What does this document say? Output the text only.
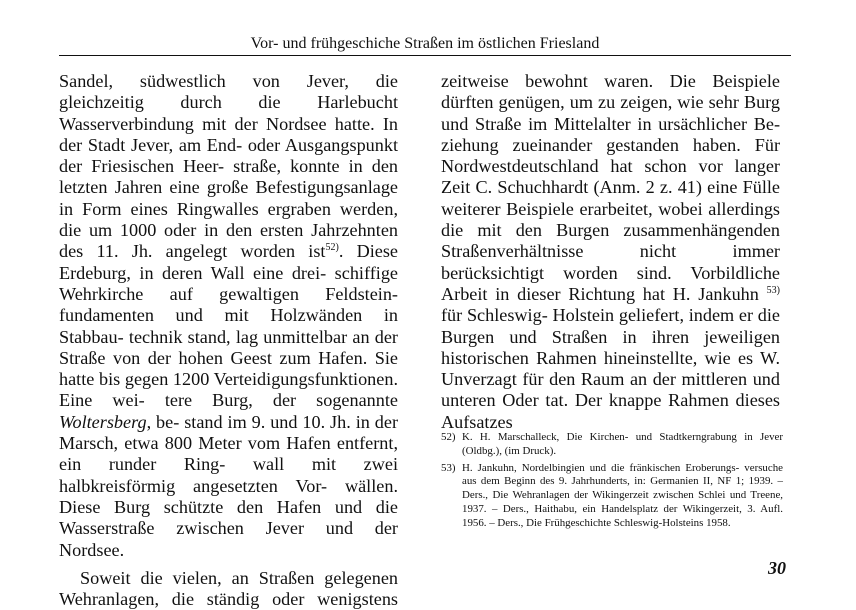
Vor- und frühgeschiche Straßen im östlichen Friesland

Sandel, südwestlich von Jever, die gleichzeitig durch die Harlebucht Wasserverbindung mit der Nordsee hatte. In der Stadt Jever, am End- oder Ausgangspunkt der Friesischen Heer- straße, konnte in den letzten Jahren eine große Befestigungsanlage in Form eines Ringwalles ergraben werden, die um 1000 oder in den ersten Jahrzehnten des 11. Jh. angelegt worden ist$^{52)}$. Diese Erdeburg, in deren Wall eine drei- schiffige Wehrkirche auf gewaltigen Feldstein- fundamenten und mit Holzwänden in Stabbau- technik stand, lag unmittelbar an der Straße von der hohen Geest zum Hafen. Sie hatte bis gegen 1200 Verteidigungsfunktionen. Eine wei- tere Burg, der sogenannte Woltersberg, be- stand im 9. und 10. Jh. in der Marsch, etwa 800 Meter vom Hafen entfernt, ein runder Ring- wall mit zwei halbkreisförmig angesetzten Vor- wällen. Diese Burg schützte den Hafen und die Wasserstraße zwischen Jever und der Nordsee.

Soweit die vielen, an Straßen gelegenen Wehranlagen, die ständig oder wenigstens

zeitweise bewohnt waren. Die Beispiele dürften genügen, um zu zeigen, wie sehr Burg und Straße im Mittelalter in ursächlicher Be- ziehung zueinander gestanden haben. Für Nordwestdeutschland hat schon vor langer Zeit C. Schuchhardt (Anm. 2 z. 41) eine Fülle weiterer Beispiele erarbeitet, wobei allerdings die mit den Burgen zusammenhängenden Straßenverhältnisse nicht immer berücksichtigt worden sind. Vorbildliche Arbeit in dieser Richtung hat H. Jankuhn $^{53)}$ für Schleswig- Holstein geliefert, indem er die Burgen und Straßen in ihren jeweiligen historischen Rahmen hineinstellte, wie es W. Unverzagt für den Raum an der mittleren und unteren Oder tat. Der knappe Rahmen dieses Aufsatzes

52) K. H. Marschalleck, Die Kirchen- und Stadtkerngrabung in Jever (Oldbg.), (im Druck).
53) H. Jankuhn, Nordelbingien und die fränkischen Eroberungs- versuche aus dem Beginn des 9. Jahrhunderts, in: Germanien II, NF 1; 1939. – Ders., Die Wehranlagen der Wikingerzeit zwischen Schlei und Treene, 1937. – Ders., Haithabu, ein Handelsplatz der Wikingerzeit, 3. Aufl. 1956. – Ders., Die Frühgeschichte Schleswig-Holsteins 1958.
30
